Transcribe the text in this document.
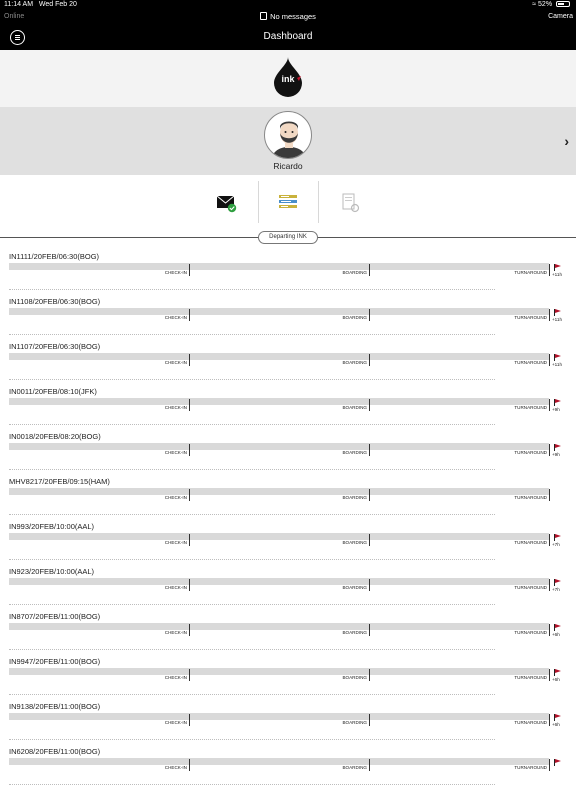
11:14 AM Wed Feb 20
Online	No messages
≈ 52%
Camera
Dashboard
ink
Ricardo
›
Departing INK
IN1111/20FEB/06:30(BOG)
CHECK-IN	BOARDING	TURNAROUND +11h
IN1108/20FEB/06:30(BOG)
CHECK-IN	BOARDING	TURNAROUND +11h
IN1107/20FEB/06:30(BOG)
CHECK-IN	BOARDING	TURNAROUND +11h
IN0011/20FEB/08:10(JFK)
CHECK-IN	BOARDING	TURNAROUND +9h
IN0018/20FEB/08:20(BOG)
CHECK-IN	BOARDING	TURNAROUND +9h
MHV8217/20FEB/09:15(HAM)
CHECK-IN	BOARDING	TURNAROUND
IN993/20FEB/10:00(AAL)
CHECK-IN	BOARDING	TURNAROUND +7h
IN923/20FEB/10:00(AAL)
CHECK-IN	BOARDING	TURNAROUND +7h
IN8707/20FEB/11:00(BOG)
CHECK-IN	BOARDING	TURNAROUND +6h
IN9947/20FEB/11:00(BOG)
CHECK-IN	BOARDING	TURNAROUND +6h
IN9138/20FEB/11:00(BOG)
CHECK-IN	BOARDING	TURNAROUND +6h
IN6208/20FEB/11:00(BOG)
CHECK-IN	BOARDING	TURNAROUND
